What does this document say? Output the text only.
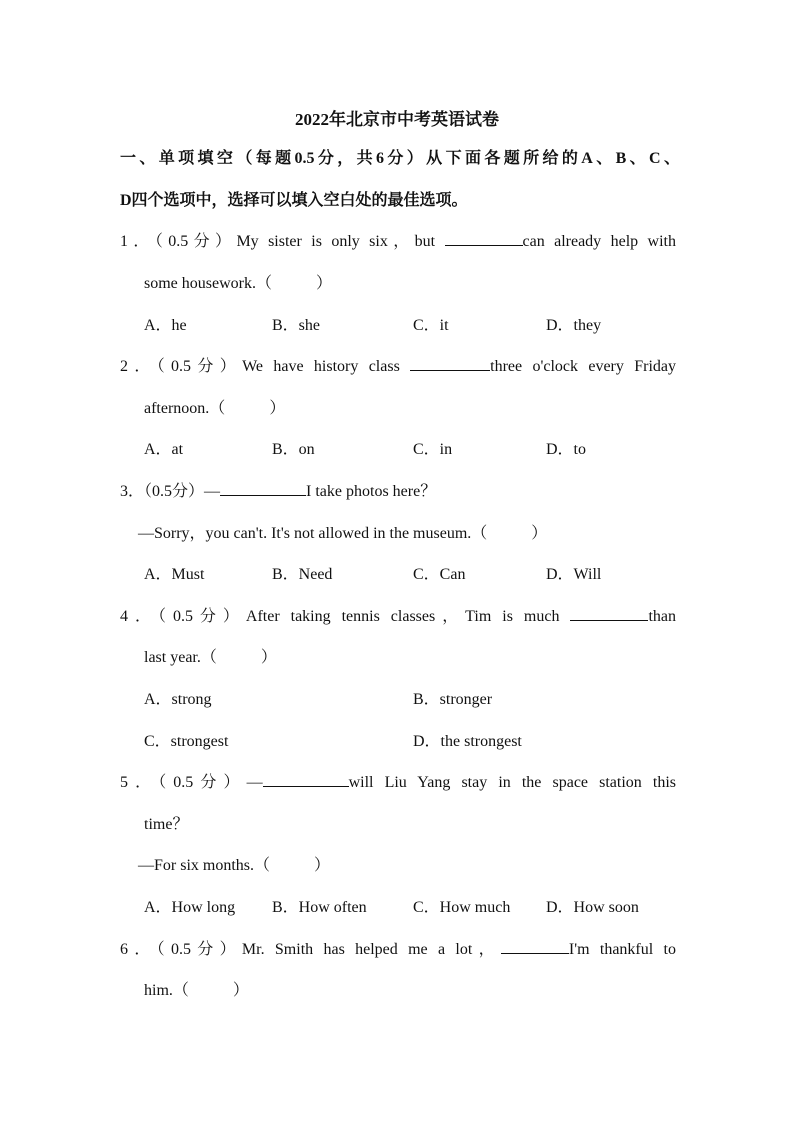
2022年北京市中考英语试卷
一、单项填空（每题0.5分，共6分）从下面各题所给的A、B、C、
D四个选项中，选择可以填入空白处的最佳选项。
1．（0.5分）My sister is only six，but	can already help with
some housework.（	）
A．he	B．she	C．it	D．they
2．（0.5分）We have history class	three o'clock every Friday
afternoon.（	）
A．at	B．on	C．in	D．to
3．（0.5分）—	I take photos here？
—Sorry，you can't. It's not allowed in the museum.（	）
A．Must	B．Need	C．Can	D．Will
4．（0.5分）After taking tennis classes，Tim is much	than
last year.（	）
A．strong	B．stronger
C．strongest	D．the strongest
5．（0.5分）—	will Liu Yang stay in the space station this
time？
—For six months.（	）
A．How long B．How often	C．How much D．How soon
6．（0.5分）Mr. Smith has helped me a lot，	I'm thankful to
him.（	）
